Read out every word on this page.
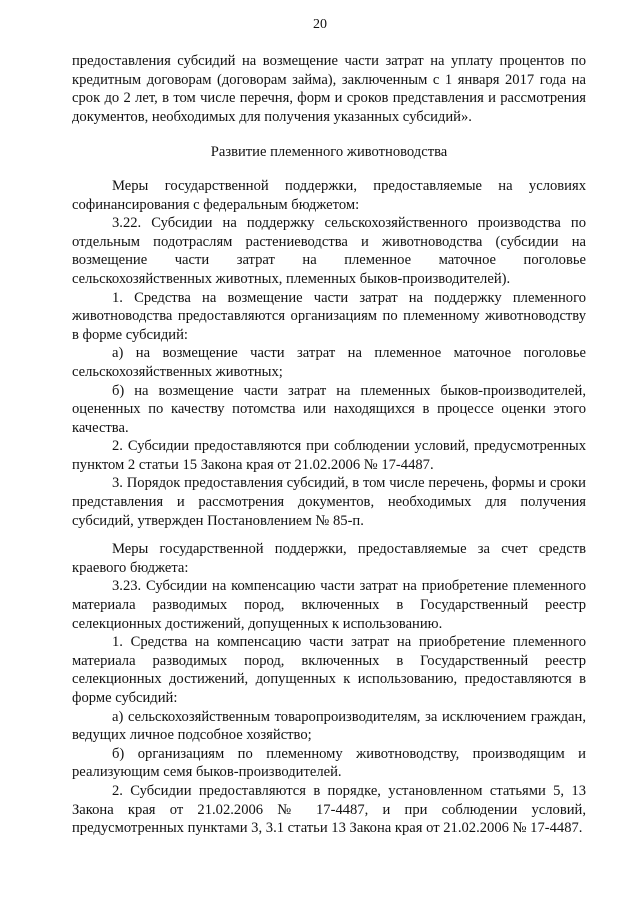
20

предоставления субсидий на возмещение части затрат на уплату процентов по кредитным договорам (договорам займа), заключенным с 1 января 2017 года на срок до 2 лет, в том числе перечня, форм и сроков представления и рассмотрения документов, необходимых для получения указанных субсидий».

Развитие племенного животноводства

Меры государственной поддержки, предоставляемые на условиях софинансирования с федеральным бюджетом:

3.22. Субсидии на поддержку сельскохозяйственного производства по отдельным подотраслям растениеводства и животноводства (субсидии на возмещение части затрат на племенное маточное поголовье сельскохозяйственных животных, племенных быков-производителей).

1. Средства на возмещение части затрат на поддержку племенного животноводства предоставляются организациям по племенному животноводству в форме субсидий:

а) на возмещение части затрат на племенное маточное поголовье сельскохозяйственных животных;

б) на возмещение части затрат на племенных быков-производителей, оцененных по качеству потомства или находящихся в процессе оценки этого качества.

2. Субсидии предоставляются при соблюдении условий, предусмотренных пунктом 2 статьи 15 Закона края от 21.02.2006 № 17-4487.

3. Порядок предоставления субсидий, в том числе перечень, формы и сроки представления и рассмотрения документов, необходимых для получения субсидий, утвержден Постановлением № 85-п.

Меры государственной поддержки, предоставляемые за счет средств краевого бюджета:

3.23. Субсидии на компенсацию части затрат на приобретение племенного материала разводимых пород, включенных в Государственный реестр селекционных достижений, допущенных к использованию.

1. Средства на компенсацию части затрат на приобретение племенного материала разводимых пород, включенных в Государственный реестр селекционных достижений, допущенных к использованию, предоставляются в форме субсидий:

а) сельскохозяйственным товаропроизводителям, за исключением граждан, ведущих личное подсобное хозяйство;

б) организациям по племенному животноводству, производящим и реализующим семя быков-производителей.

2. Субсидии предоставляются в порядке, установленном статьями 5, 13 Закона края от 21.02.2006 № 17-4487, и при соблюдении условий, предусмотренных пунктами 3, 3.1 статьи 13 Закона края от 21.02.2006 № 17-4487.
